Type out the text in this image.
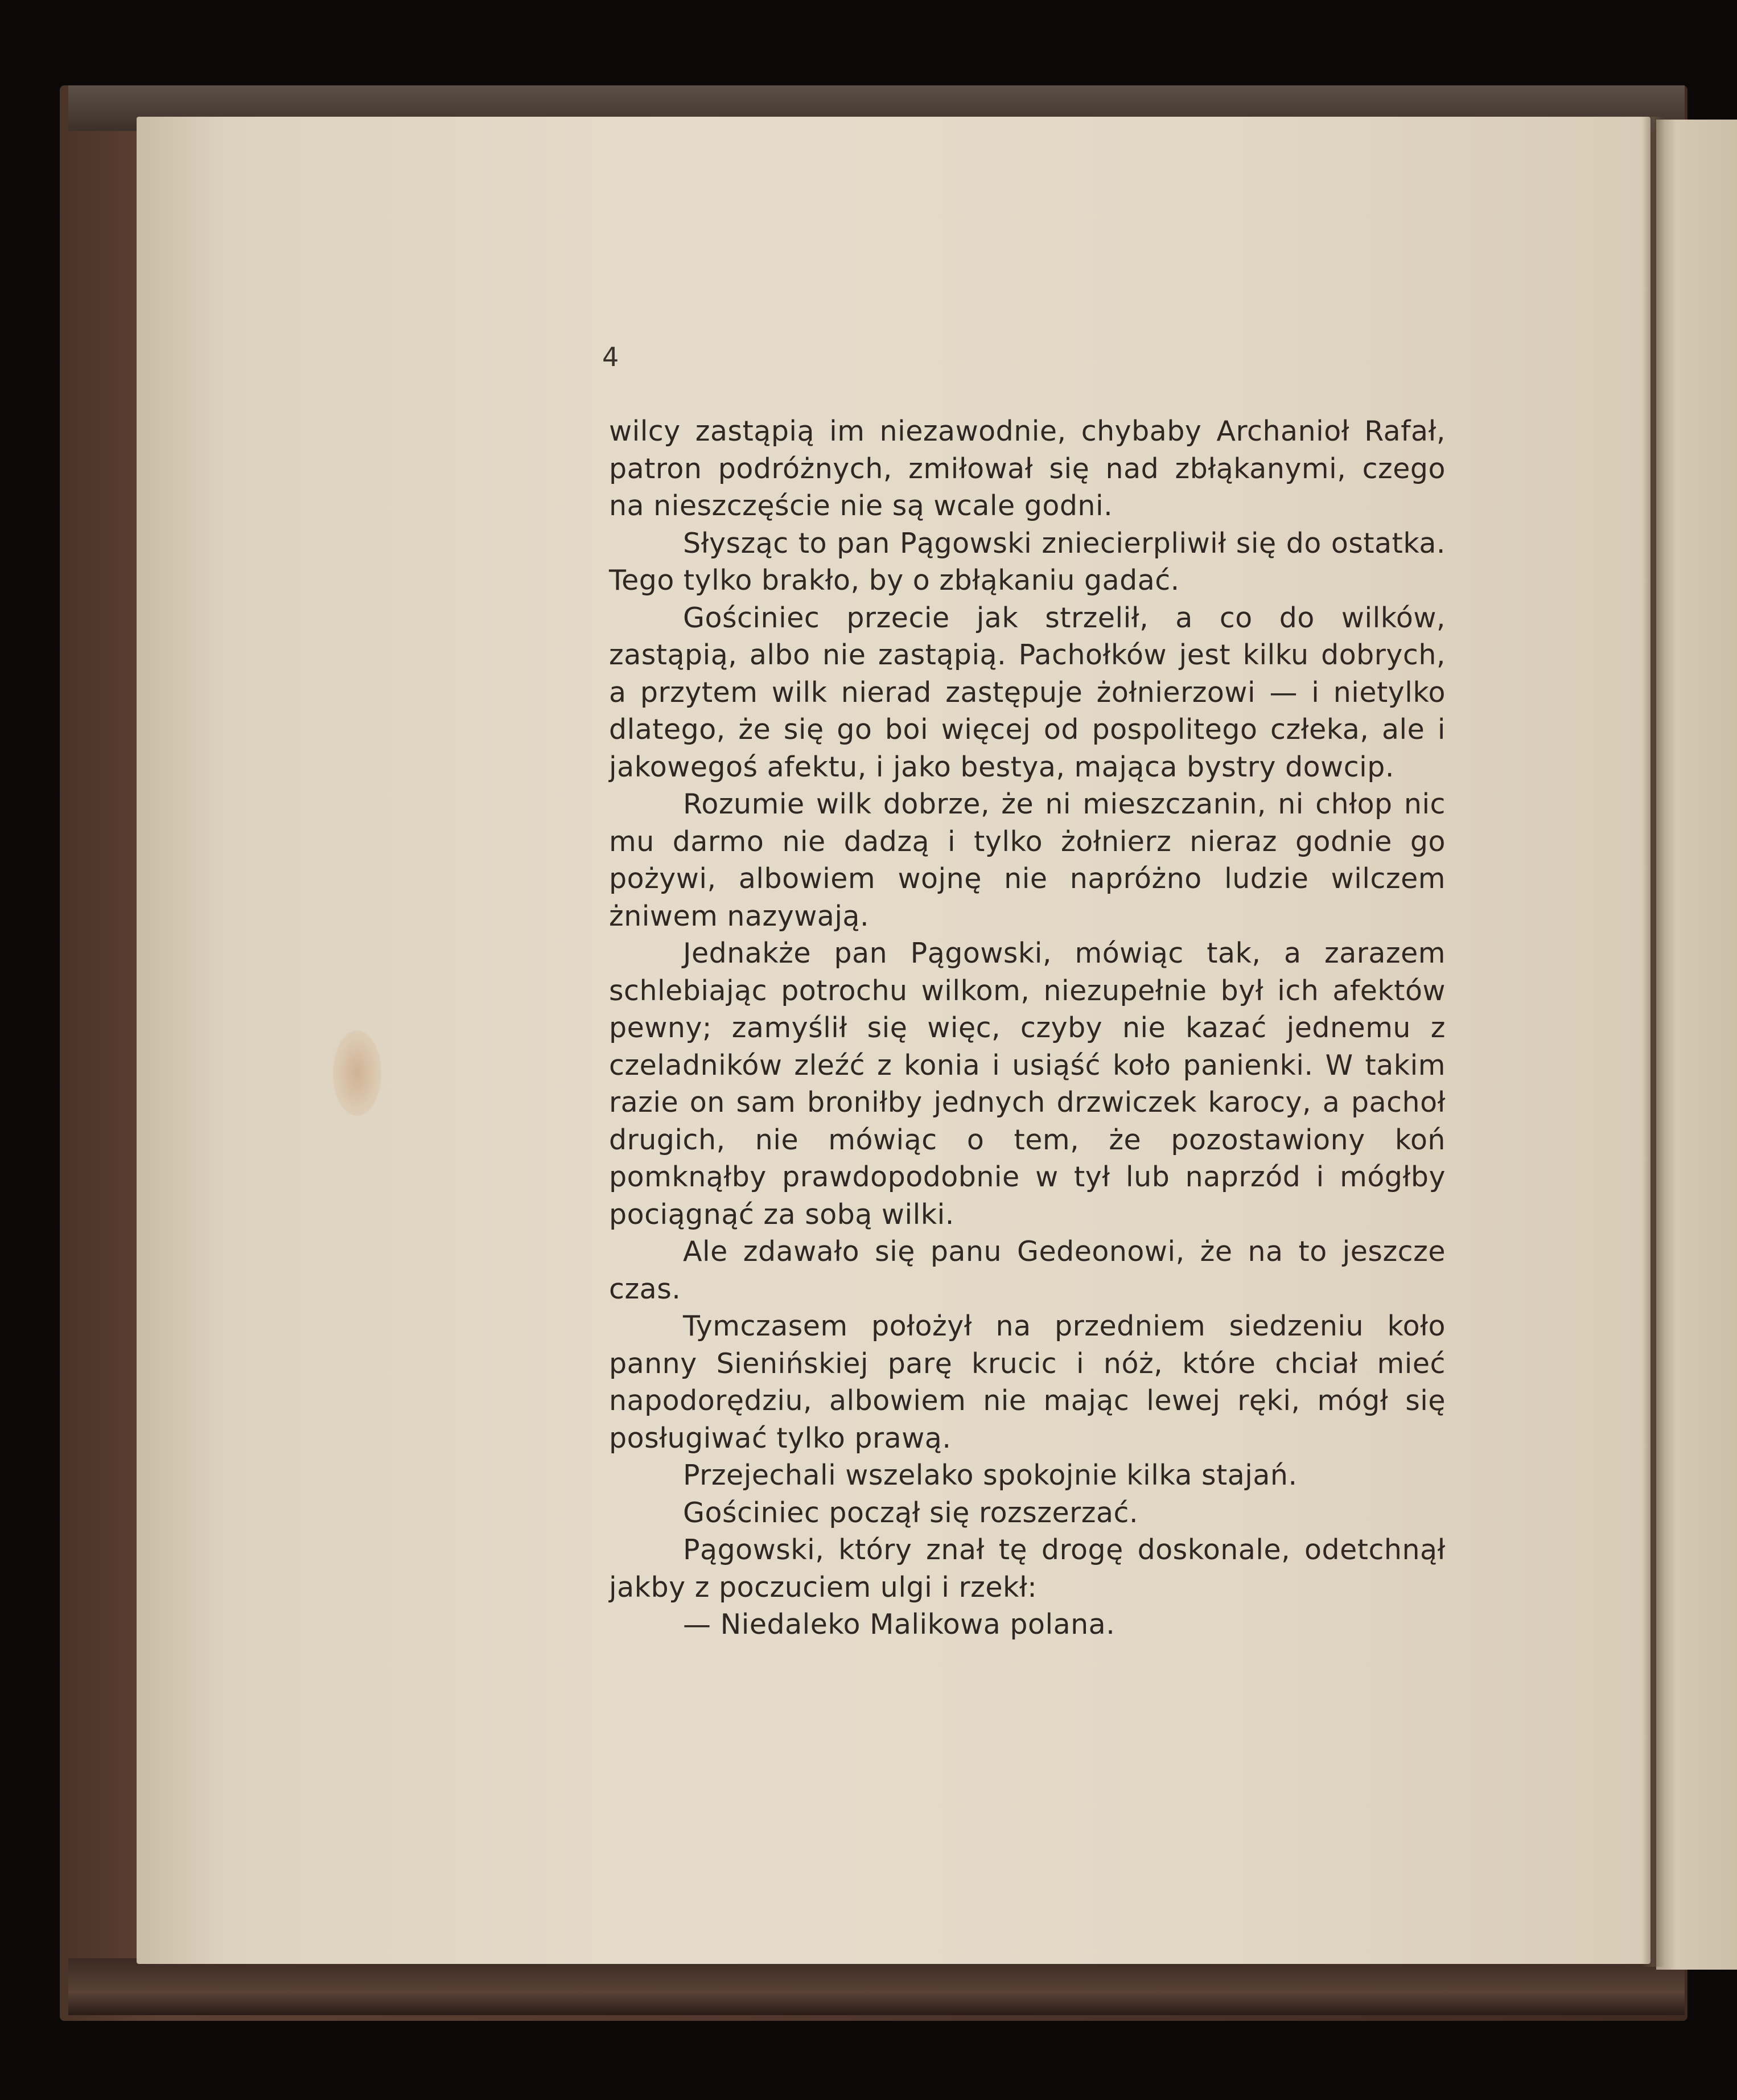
4

wilcy zastąpią im niezawodnie, chybaby Archanioł Rafał, patron podróżnych, zmiłował się nad zbłąkanymi, czego na nieszczęście nie są wcale godni.

Słysząc to pan Pągowski zniecierpliwił się do ostatka. Tego tylko brakło, by o zbłąkaniu gadać.

Gościniec przecie jak strzelił, a co do wilków, zastąpią, albo nie zastąpią. Pachołków jest kilku dobrych, a przytem wilk nierad zastępuje żołnierzowi — i nietylko dlatego, że się go boi więcej od pospolitego człeka, ale i jakowegoś afektu, i jako bestya, mająca bystry dowcip.

Rozumie wilk dobrze, że ni mieszczanin, ni chłop nic mu darmo nie dadzą i tylko żołnierz nieraz godnie go pożywi, albowiem wojnę nie napróżno ludzie wilczem żniwem nazywają.

Jednakże pan Pągowski, mówiąc tak, a zarazem schlebiając potrochu wilkom, niezupełnie był ich afektów pewny; zamyślił się więc, czyby nie kazać jednemu z czeladników zleźć z konia i usiąść koło panienki. W takim razie on sam broniłby jednych drzwiczek karocy, a pachoł drugich, nie mówiąc o tem, że pozostawiony koń pomknąłby prawdopodobnie w tył lub naprzód i mógłby pociągnąć za sobą wilki.

Ale zdawało się panu Gedeonowi, że na to jeszcze czas.

Tymczasem położył na przedniem siedzeniu koło panny Sienińskiej parę krucic i nóż, które chciał mieć napodorędziu, albowiem nie mając lewej ręki, mógł się posługiwać tylko prawą.

Przejechali wszelako spokojnie kilka stajań.

Gościniec począł się rozszerzać.

Pągowski, który znał tę drogę doskonale, odetchnął jakby z poczuciem ulgi i rzekł:

— Niedaleko Malikowa polana.
